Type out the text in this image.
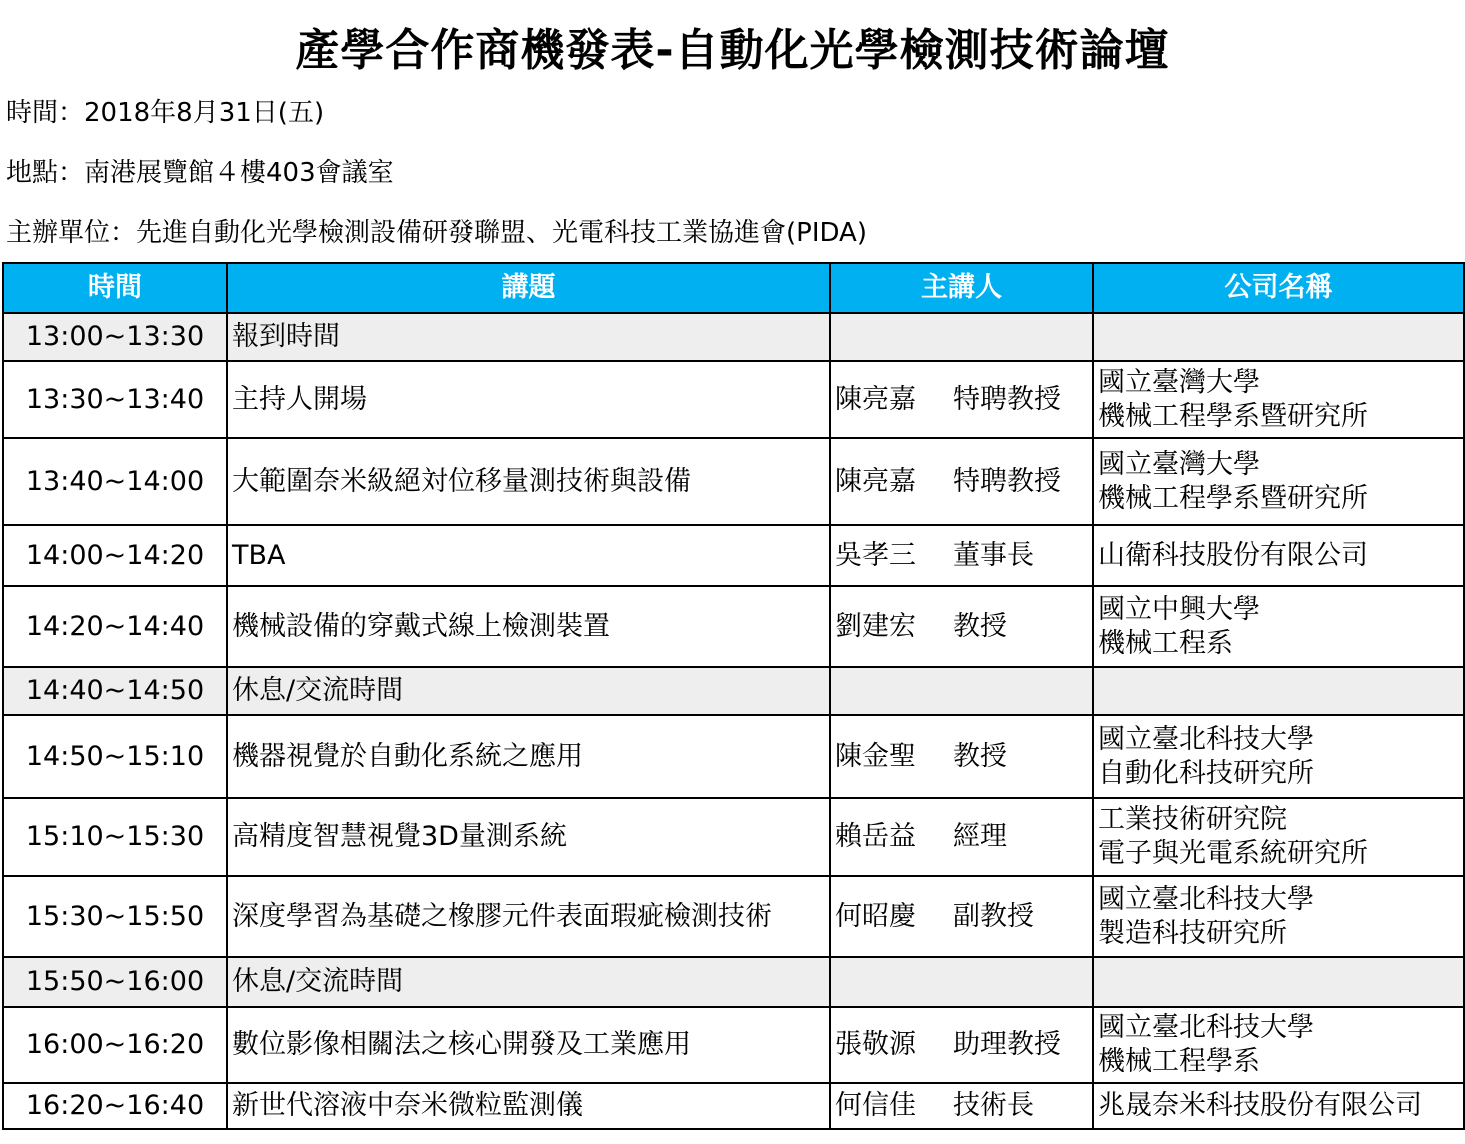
產學合作商機發表-自動化光學檢測技術論壇
時間：2018年8月31日(五)
地點：南港展覽館４樓403會議室
主辦單位：先進自動化光學檢測設備研發聯盟、光電科技工業協進會(PIDA)
時間	講題	主講人	公司名稱
13:00~13:30	報到時間		
13:30~13:40	主持人開場	陳亮嘉 特聘教授	國立臺灣大學
機械工程學系暨研究所

13:40~14:00	大範圍奈米級絕対位移量測技術與設備	陳亮嘉 特聘教授	國立臺灣大學
機械工程學系暨研究所

14:00~14:20	TBA	吳孝三 董事長	山衛科技股份有限公司

14:20~14:40	機械設備的穿戴式線上檢測裝置	劉建宏 教授	國立中興大學
機械工程系

14:40~14:50	休息/交流時間		
14:50~15:10	機器視覺於自動化系統之應用	陳金聖 教授	國立臺北科技大學
自動化科技研究所

15:10~15:30	高精度智慧視覺3D量測系統	賴岳益 經理	工業技術研究院
電子與光電系統研究所

15:30~15:50	深度學習為基礎之橡膠元件表面瑕疵檢測技術	何昭慶 副教授	國立臺北科技大學
製造科技研究所

15:50~16:00	休息/交流時間		
16:00~16:20	數位影像相關法之核心開發及工業應用	張敬源 助理教授	國立臺北科技大學
機械工程學系

16:20~16:40	新世代溶液中奈米微粒監測儀	何信佳 技術長	兆晟奈米科技股份有限公司
